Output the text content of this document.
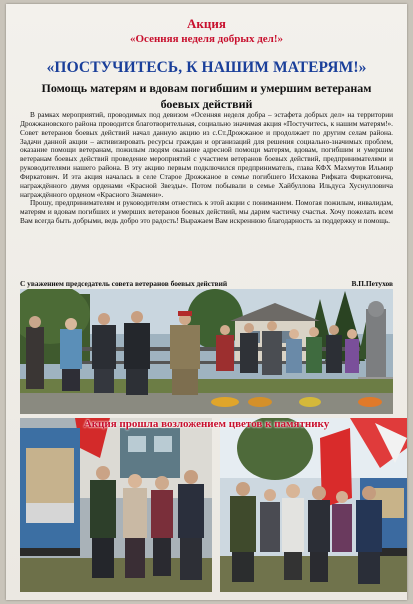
Акция
«Осенняя неделя добрых дел!»
«ПОСТУЧИТЕСЬ, К НАШИМ МАТЕРЯМ!»
Помощь матерям и вдовам погибшим и умершим ветеранам боевых действий

В рамках мероприятий, проводимых под девизом «Осенняя неделя добра – эстафета добрых дел» на территории Дрожжановского района проводится благотворительная, социально значимая акция «Постучитесь, к нашим матерям!». Совет ветеранов боевых действий начал данную акцию из с.Ст.Дрожжаное и продолжает по другим селам района. Задачи данной акции – активизировать ресурсы граждан и организаций для решения социально-значимых проблем, оказание помощи ветеранам, пожилым людям оказание адресной помощи матерям, вдовам, погибшим и умершим ветеранам боевых действий проведение мероприятий с участием ветеранов боевых действий, предпринимателями и руководителями нашего района. В эту акцию первым подключился предприниматель, глава КФХ Махмутов Ильмир Фиркатович. И эта акция началась в селе Старое Дрожжаное в семье погибшего Исхакова Рифката Фиркатовича, награждённого двумя орденами «Красной Звезды». Потом побывали в семье Хайбуллова Ильдуса Хуснулловича награждённого орденом «Красного Знамени».

Прошу, предпринимателям и руководителям отнестись к этой акции с пониманием. Помогая пожилым, инвалидам, матерям и вдовам погибших и умерших ветеранов боевых действий, мы дарим частичку счастья. Хочу пожелать всем Вам всегда быть добрыми, ведь добро это радость! Выражаем Вам искреннюю благодарность за поддержку и помощь.

С уважением председатель совета ветеранов боевых действий	В.П.Петухов
Акция прошла возложением цветов к памятнику
